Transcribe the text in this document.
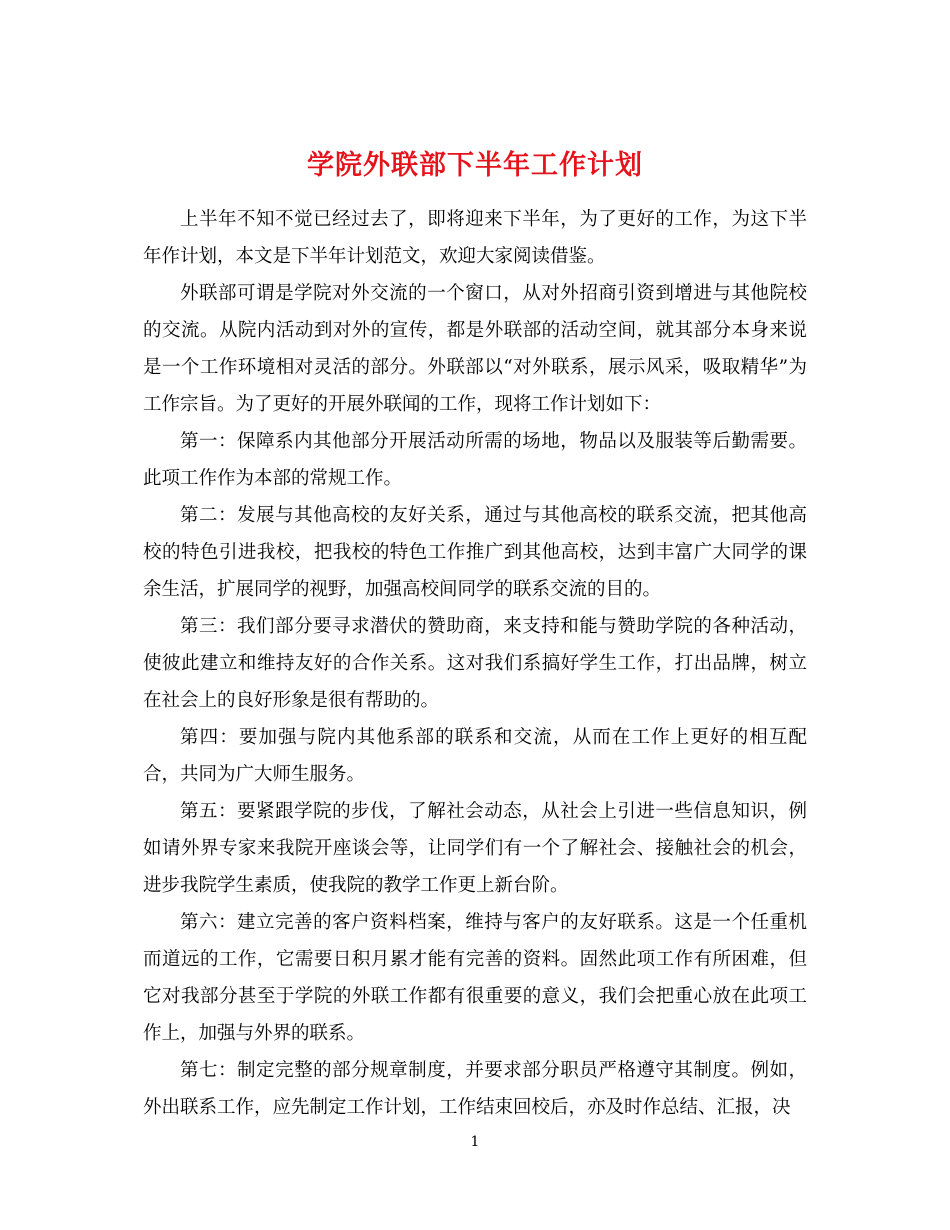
学院外联部下半年工作计划

上半年不知不觉已经过去了，即将迎来下半年，为了更好的工作，为这下半年作计划，本文是下半年计划范文，欢迎大家阅读借鉴。

外联部可谓是学院对外交流的一个窗口，从对外招商引资到增进与其他院校的交流。从院内活动到对外的宣传，都是外联部的活动空间，就其部分本身来说是一个工作环境相对灵活的部分。外联部以“对外联系，展示风采，吸取精华”为工作宗旨。为了更好的开展外联闻的工作，现将工作计划如下：

第一：保障系内其他部分开展活动所需的场地，物品以及服装等后勤需要。此项工作作为本部的常规工作。

第二：发展与其他高校的友好关系，通过与其他高校的联系交流，把其他高校的特色引进我校，把我校的特色工作推广到其他高校，达到丰富广大同学的课余生活，扩展同学的视野，加强高校间同学的联系交流的目的。

第三：我们部分要寻求潜伏的赞助商，来支持和能与赞助学院的各种活动，使彼此建立和维持友好的合作关系。这对我们系搞好学生工作，打出品牌，树立在社会上的良好形象是很有帮助的。

第四：要加强与院内其他系部的联系和交流，从而在工作上更好的相互配合，共同为广大师生服务。

第五：要紧跟学院的步伐，了解社会动态，从社会上引进一些信息知识，例如请外界专家来我院开座谈会等，让同学们有一个了解社会、接触社会的机会，进步我院学生素质，使我院的教学工作更上新台阶。

第六：建立完善的客户资料档案，维持与客户的友好联系。这是一个任重机而道远的工作，它需要日积月累才能有完善的资料。固然此项工作有所困难，但它对我部分甚至于学院的外联工作都有很重要的意义，我们会把重心放在此项工作上，加强与外界的联系。

第七：制定完整的部分规章制度，并要求部分职员严格遵守其制度。例如，外出联系工作，应先制定工作计划，工作结束回校后，亦及时作总结、汇报，决

1
